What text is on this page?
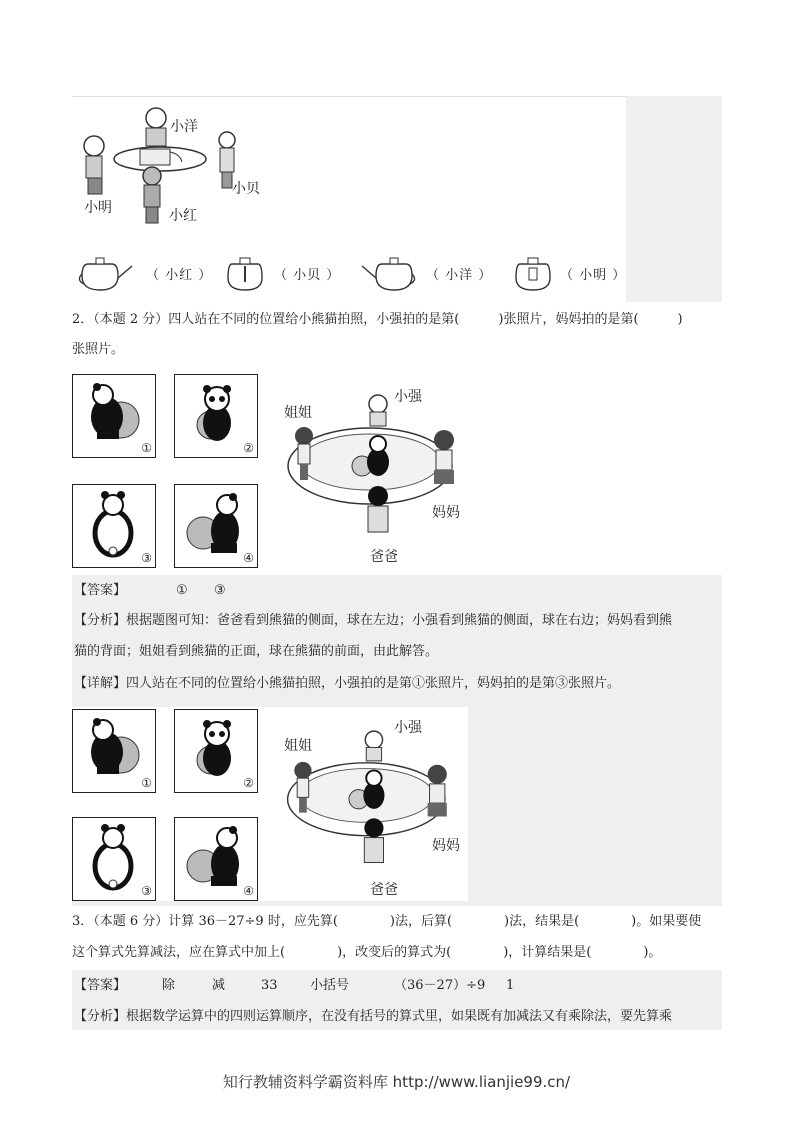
小洋
小明
小贝
小红
（ 小红 ）	（ 小贝 ）	（ 小洋 ）	（ 小明 ）
2．（本题 2 分）四人站在不同的位置给小熊猫拍照，小强拍的是第(　　　)张照片，妈妈拍的是第(　　　)
张照片。
①	②
③	④
小强
姐姐
妈妈
爸爸
【答案】	① ③
【分析】根据题图可知：爸爸看到熊猫的侧面，球在左边；小强看到熊猫的侧面，球在右边；妈妈看到熊
猫的背面；姐姐看到熊猫的正面，球在熊猫的前面，由此解答。
【详解】四人站在不同的位置给小熊猫拍照，小强拍的是第①张照片，妈妈拍的是第③张照片。
①	②
③	④
小强
姐姐
妈妈
爸爸
3．（本题 6 分）计算 36－27÷9 时，应先算(　　　　)法，后算(　　　　)法，结果是(　　　　)。如果要使
这个算式先算减法，应在算式中加上(　　　　)，改变后的算式为(　　　　)，计算结果是(　　　　)。
【答案】	除	减	33 小括号	（36－27）÷9 1
【分析】根据数学运算中的四则运算顺序，在没有括号的算式里，如果既有加减法又有乘除法，要先算乘
知行教辅资料学霸资料库 http://www.lianjie99.cn/
